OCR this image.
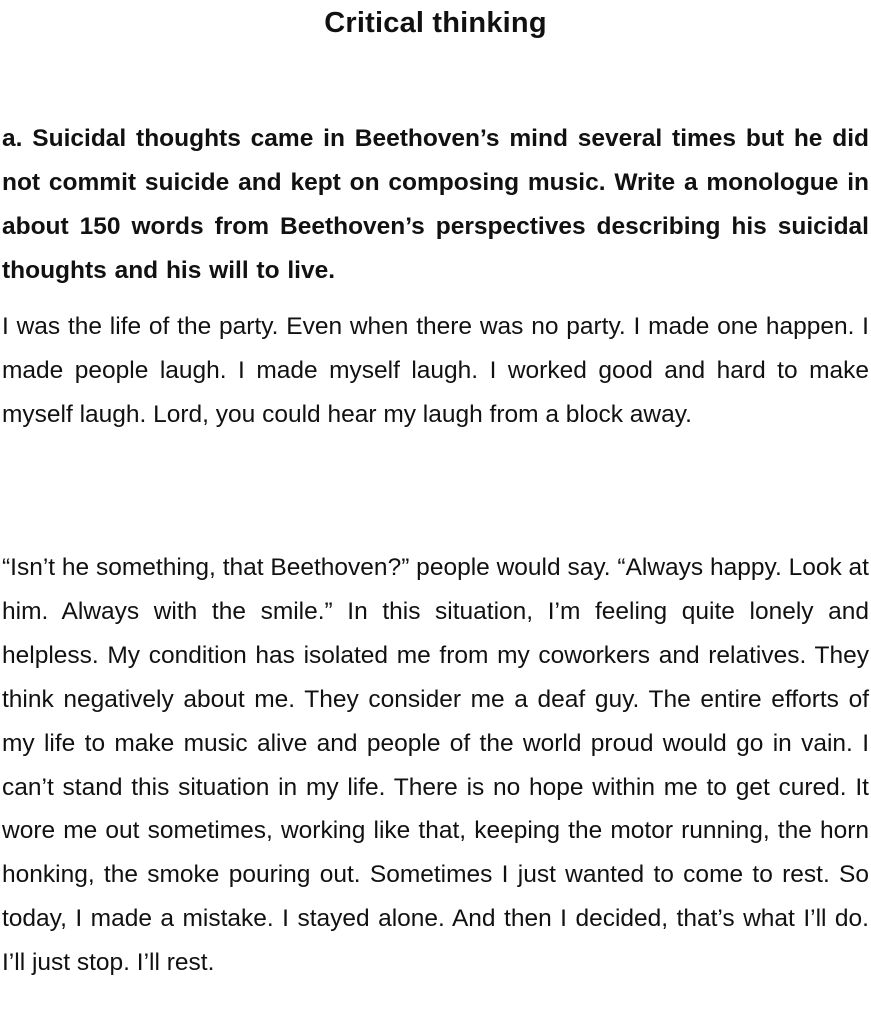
Critical thinking

a. Suicidal thoughts came in Beethoven’s mind several times but he did not commit suicide and kept on composing music. Write a monologue in about 150 words from Beethoven’s perspectives describing his suicidal thoughts and his will to live.

I was the life of the party. Even when there was no party. I made one happen. I made people laugh. I made myself laugh. I worked good and hard to make myself laugh. Lord, you could hear my laugh from a block away.

“Isn’t he something, that Beethoven?” people would say. “Always happy. Look at him. Always with the smile.” In this situation, I’m feeling quite lonely and helpless. My condition has isolated me from my coworkers and relatives. They think negatively about me. They consider me a deaf guy. The entire efforts of my life to make music alive and people of the world proud would go in vain. I can’t stand this situation in my life. There is no hope within me to get cured. It wore me out sometimes, working like that, keeping the motor running, the horn honking, the smoke pouring out. Sometimes I just wanted to come to rest. So today, I made a mistake. I stayed alone. And then I decided, that’s what I’ll do. I’ll just stop. I’ll rest.
